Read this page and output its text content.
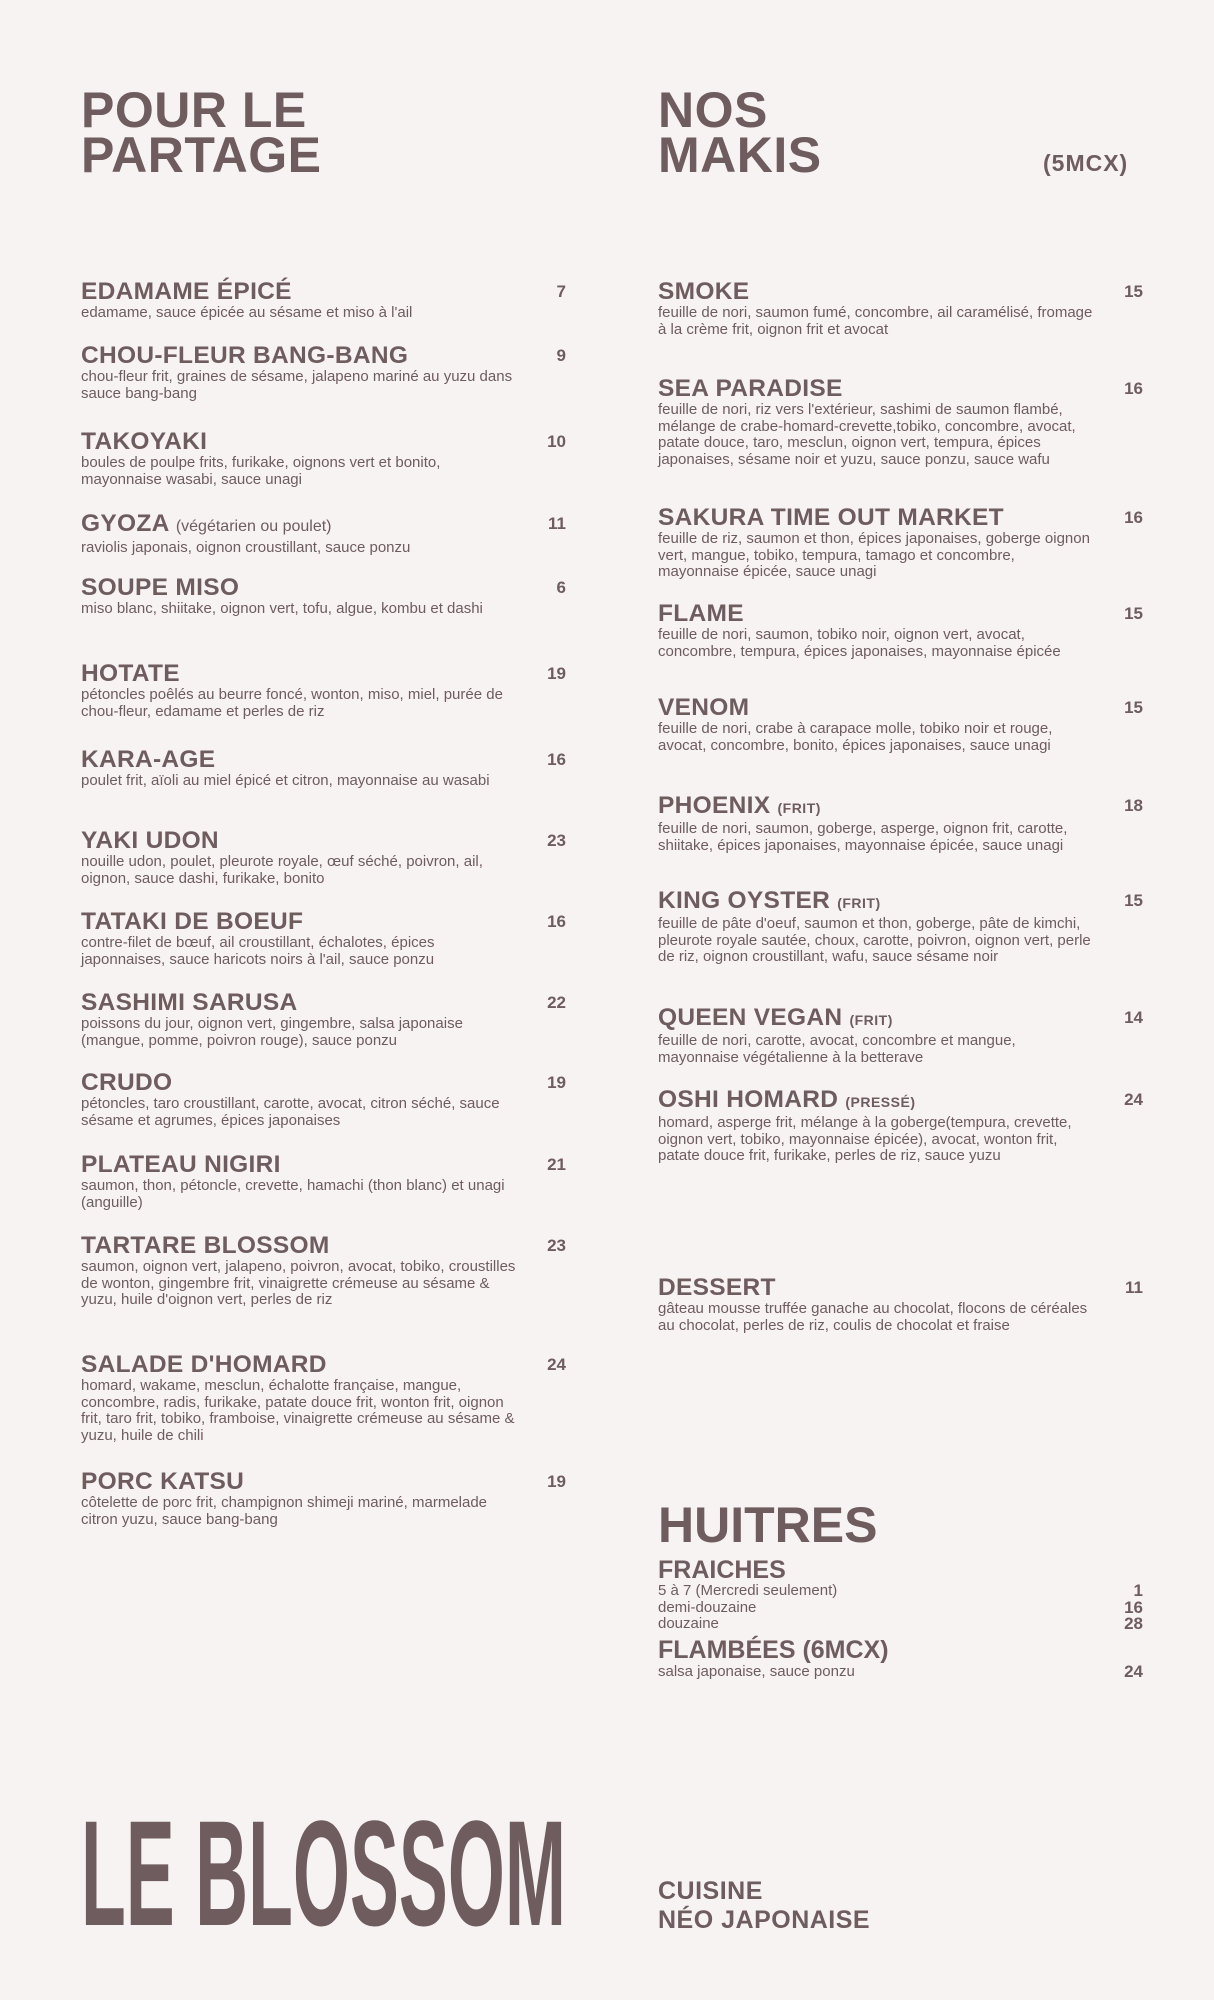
POUR LE
PARTAGE
EDAMAME ÉPICÉ
edamame, sauce épicée au sésame et miso à l'ail
7
CHOU-FLEUR BANG-BANG
chou-fleur frit, graines de sésame, jalapeno mariné au yuzu dans sauce bang-bang
9
TAKOYAKI
boules de poulpe frits, furikake, oignons vert et bonito, mayonnaise wasabi, sauce unagi
10
GYOZA (végétarien ou poulet)
raviolis japonais, oignon croustillant, sauce ponzu
11
SOUPE MISO
miso blanc, shiitake, oignon vert, tofu, algue, kombu et dashi
6
HOTATE
pétoncles poêlés au beurre foncé, wonton, miso, miel, purée de chou-fleur, edamame et perles de riz
19
KARA-AGE
poulet frit, aïoli au miel épicé et citron, mayonnaise au wasabi
16
YAKI UDON
nouille udon, poulet, pleurote royale, œuf séché, poivron, ail, oignon, sauce dashi, furikake, bonito
23
TATAKI DE BOEUF
contre-filet de bœuf, ail croustillant, échalotes, épices japonnaises, sauce haricots noirs à l'ail, sauce ponzu
16
SASHIMI SARUSA
poissons du jour, oignon vert, gingembre, salsa japonaise (mangue, pomme, poivron rouge), sauce ponzu
22
CRUDO
pétoncles, taro croustillant, carotte, avocat, citron séché, sauce sésame et agrumes, épices japonaises
19
PLATEAU NIGIRI
saumon, thon, pétoncle, crevette, hamachi (thon blanc) et unagi (anguille)
21
TARTARE BLOSSOM
saumon, oignon vert, jalapeno, poivron, avocat, tobiko, croustilles de wonton, gingembre frit, vinaigrette crémeuse au sésame & yuzu, huile d'oignon vert, perles de riz
23
SALADE D'HOMARD
homard, wakame, mesclun, échalotte française, mangue, concombre, radis, furikake, patate douce frit, wonton frit, oignon frit, taro frit, tobiko, framboise, vinaigrette crémeuse au sésame & yuzu, huile de chili
24
PORC KATSU
côtelette de porc frit, champignon shimeji mariné, marmelade citron yuzu, sauce bang-bang
19
NOS
MAKIS	(5MCX)
SMOKE
feuille de nori, saumon fumé, concombre, ail caramélisé, fromage à la crème frit, oignon frit et avocat
15
SEA PARADISE
feuille de nori, riz vers l'extérieur, sashimi de saumon flambé, mélange de crabe-homard-crevette,tobiko, concombre, avocat, patate douce, taro, mesclun, oignon vert, tempura, épices japonaises, sésame noir et yuzu, sauce ponzu, sauce wafu
16
SAKURA TIME OUT MARKET
feuille de riz, saumon et thon, épices japonaises, goberge oignon vert, mangue, tobiko, tempura, tamago et concombre, mayonnaise épicée, sauce unagi
16
FLAME
feuille de nori, saumon, tobiko noir, oignon vert, avocat, concombre, tempura, épices japonaises, mayonnaise épicée
15
VENOM
feuille de nori, crabe à carapace molle, tobiko noir et rouge, avocat, concombre, bonito, épices japonaises, sauce unagi
15
PHOENIX (FRIT)
feuille de nori, saumon, goberge, asperge, oignon frit, carotte, shiitake, épices japonaises, mayonnaise épicée, sauce unagi
18
KING OYSTER (FRIT)
feuille de pâte d'oeuf, saumon et thon, goberge, pâte de kimchi, pleurote royale sautée, choux, carotte, poivron, oignon vert, perle de riz, oignon croustillant, wafu, sauce sésame noir
15
QUEEN VEGAN (FRIT)
feuille de nori, carotte, avocat, concombre et mangue, mayonnaise végétalienne à la betterave
14
OSHI HOMARD (PRESSÉ)
homard, asperge frit, mélange à la goberge(tempura, crevette, oignon vert, tobiko, mayonnaise épicée), avocat, wonton frit, patate douce frit, furikake, perles de riz, sauce yuzu
24
DESSERT
gâteau mousse truffée ganache au chocolat, flocons de céréales au chocolat, perles de riz, coulis de chocolat et fraise
11
HUITRES
FRAICHES
5 à 7 (Mercredi seulement)	1
demi-douzaine	16
douzaine	28
FLAMBÉES (6MCX)
salsa japonaise, sauce ponzu	24
LE BLOSSOM	CUISINE
NÉO JAPONAISE
